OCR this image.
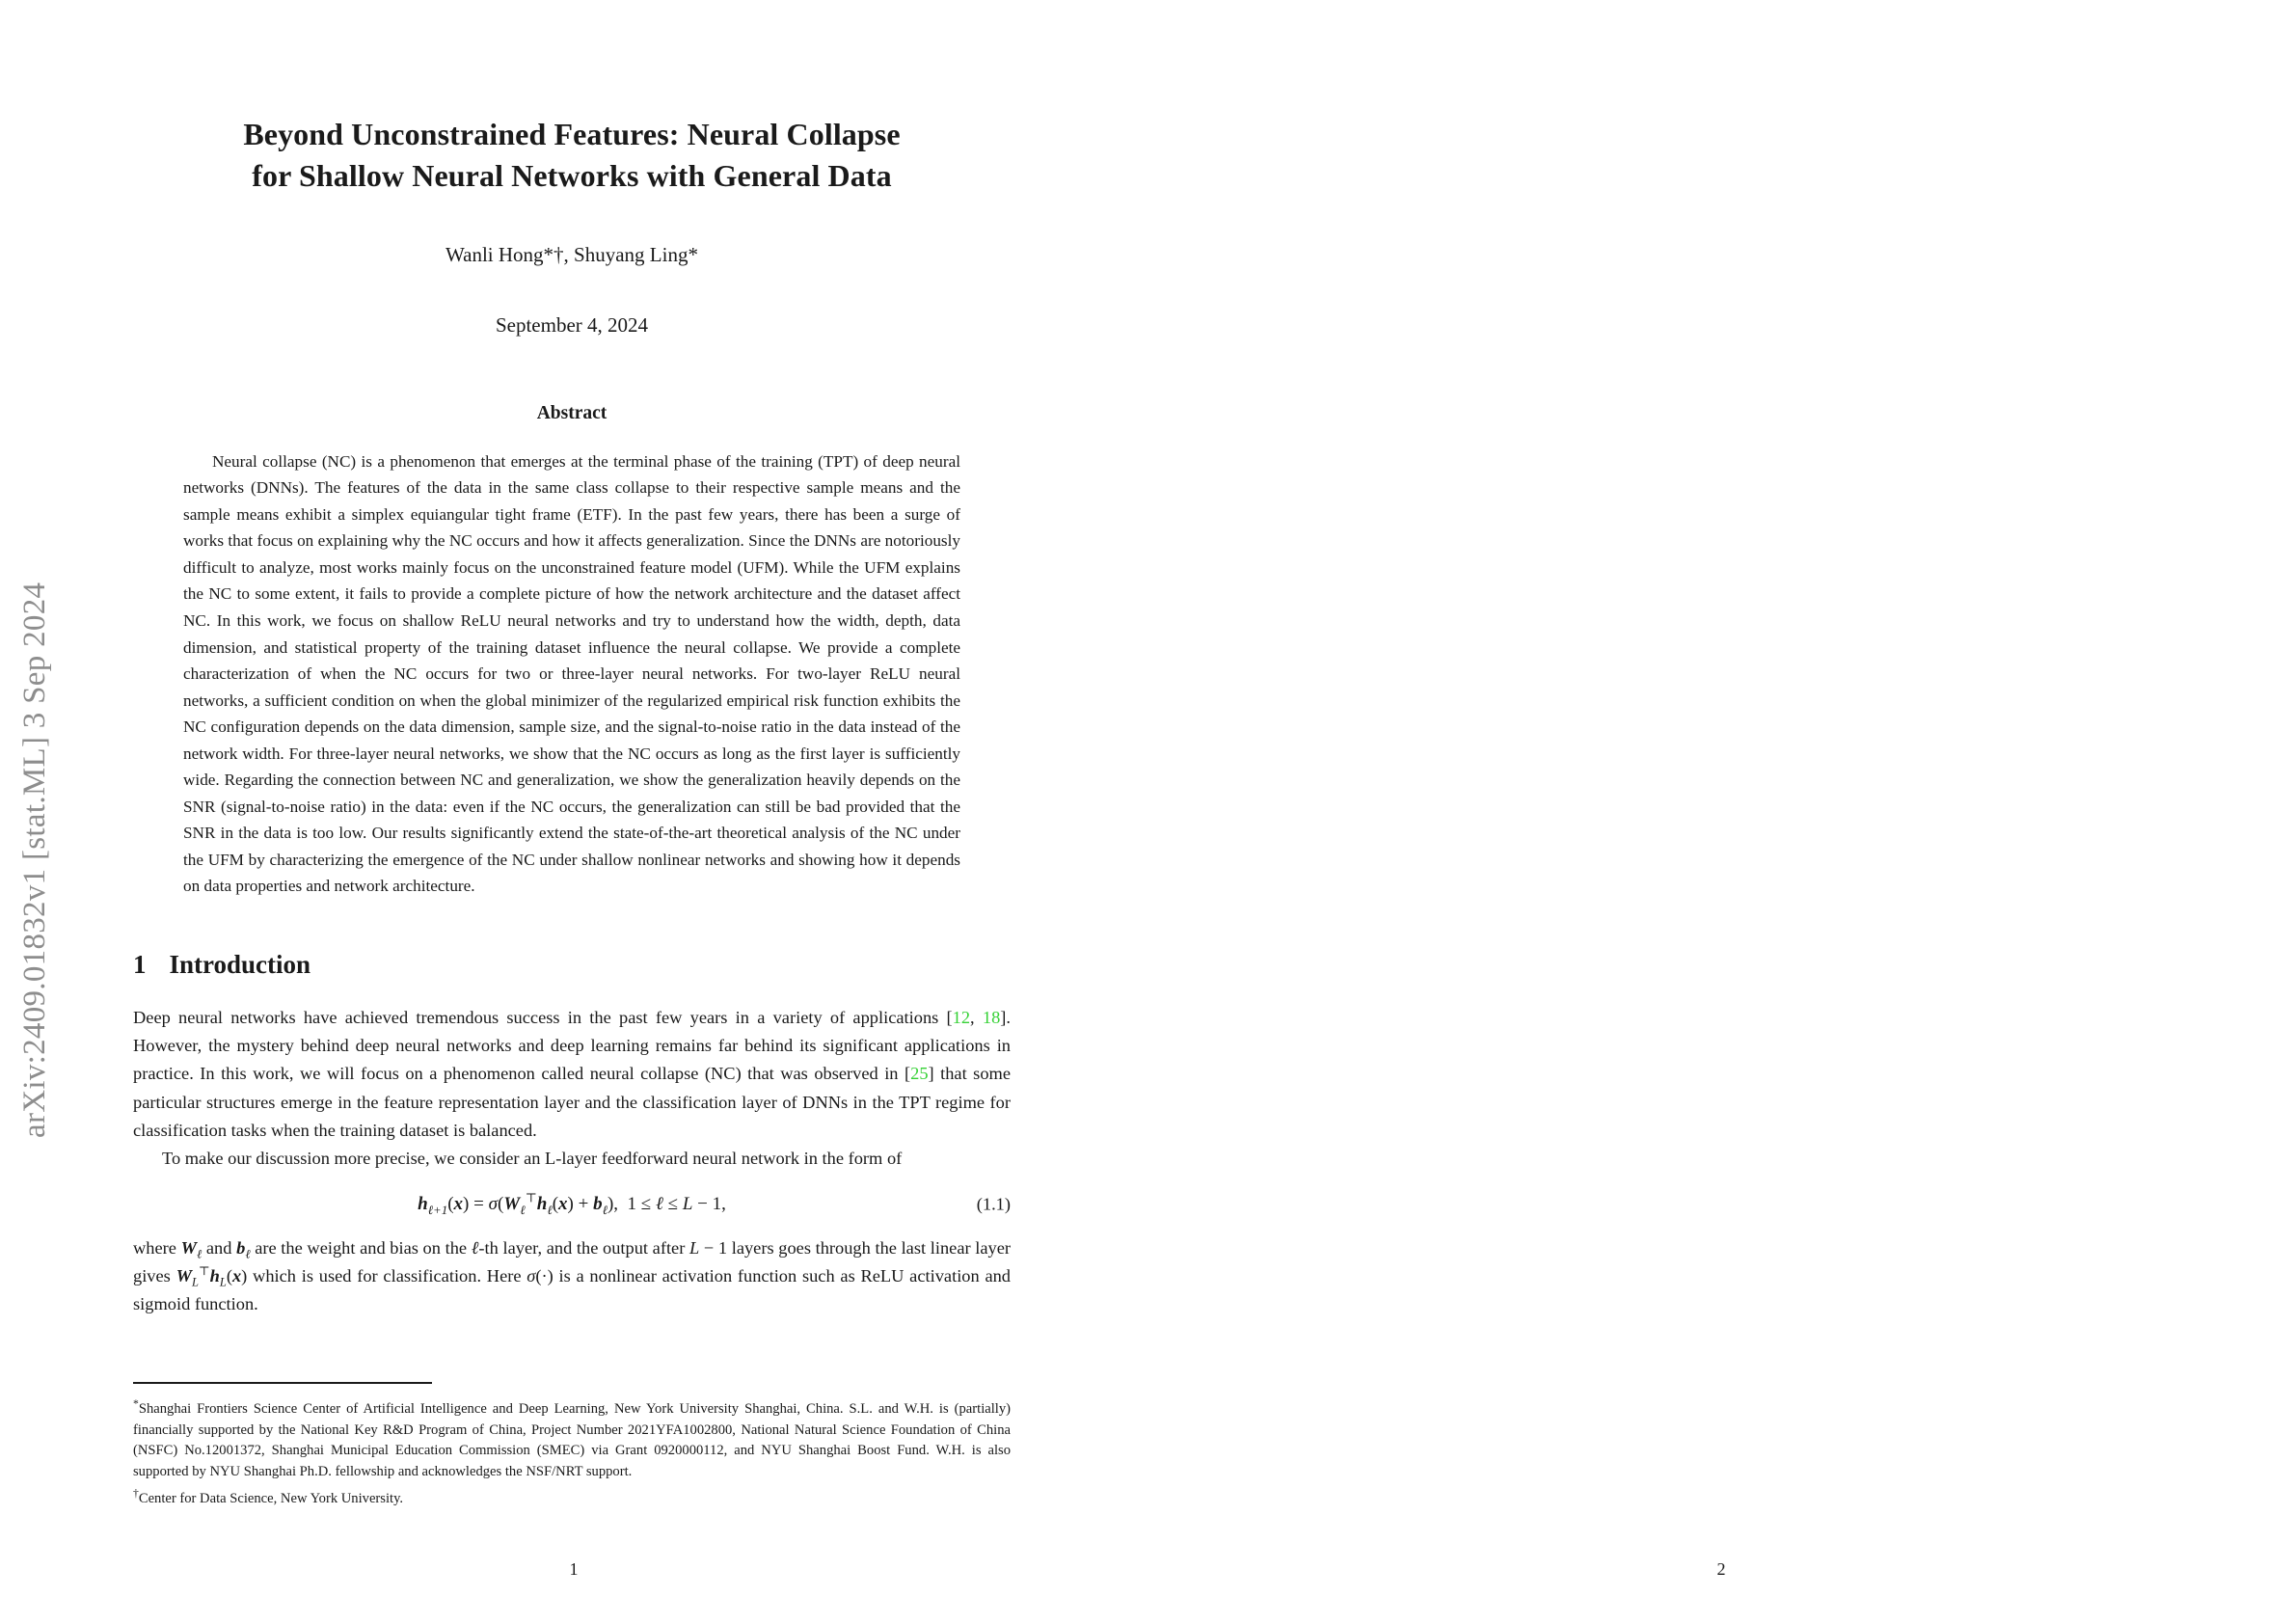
arXiv:2409.01832v1 [stat.ML] 3 Sep 2024
Beyond Unconstrained Features: Neural Collapse
for Shallow Neural Networks with General Data
Wanli Hong*†, Shuyang Ling*
September 4, 2024
Abstract
Neural collapse (NC) is a phenomenon that emerges at the terminal phase of the training (TPT) of deep neural networks (DNNs). The features of the data in the same class collapse to their respective sample means and the sample means exhibit a simplex equiangular tight frame (ETF). In the past few years, there has been a surge of works that focus on explaining why the NC occurs and how it affects generalization. Since the DNNs are notoriously difficult to analyze, most works mainly focus on the unconstrained feature model (UFM). While the UFM explains the NC to some extent, it fails to provide a complete picture of how the network architecture and the dataset affect NC. In this work, we focus on shallow ReLU neural networks and try to understand how the width, depth, data dimension, and statistical property of the training dataset influence the neural collapse. We provide a complete characterization of when the NC occurs for two or three-layer neural networks. For two-layer ReLU neural networks, a sufficient condition on when the global minimizer of the regularized empirical risk function exhibits the NC configuration depends on the data dimension, sample size, and the signal-to-noise ratio in the data instead of the network width. For three-layer neural networks, we show that the NC occurs as long as the first layer is sufficiently wide. Regarding the connection between NC and generalization, we show the generalization heavily depends on the SNR (signal-to-noise ratio) in the data: even if the NC occurs, the generalization can still be bad provided that the SNR in the data is too low. Our results significantly extend the state-of-the-art theoretical analysis of the NC under the UFM by characterizing the emergence of the NC under shallow nonlinear networks and showing how it depends on data properties and network architecture.
1 Introduction

Deep neural networks have achieved tremendous success in the past few years in a variety of applications [12, 18]. However, the mystery behind deep neural networks and deep learning remains far behind its significant applications in practice. In this work, we will focus on a phenomenon called neural collapse (NC) that was observed in [25] that some particular structures emerge in the feature representation layer and the classification layer of DNNs in the TPT regime for classification tasks when the training dataset is balanced.

To make our discussion more precise, we consider an L-layer feedforward neural network in the form of

$h_{\ell+1}(x) = \sigma(W_\ell^⊤h_\ell(x) + b_\ell)$,  1 ≤ ℓ ≤ L − 1,	(1.1)

where $W_\ell$ and $b_\ell$ are the weight and bias on the ℓ-th layer, and the output after L − 1 layers goes through the last linear layer gives $W_L^⊤h_L(x)$ which is used for classification. Here σ(·) is a nonlinear activation function such as ReLU activation and sigmoid function.

*Shanghai Frontiers Science Center of Artificial Intelligence and Deep Learning, New York University Shanghai, China. S.L. and W.H. is (partially) financially supported by the National Key R&D Program of China, Project Number 2021YFA1002800, National Natural Science Foundation of China (NSFC) No.12001372, Shanghai Municipal Education Commission (SMEC) via Grant 0920000112, and NYU Shanghai Boost Fund. W.H. is also supported by NYU Shanghai Ph.D. fellowship and acknowledges the NSF/NRT support.

†Center for Data Science, New York University.

1

	2
